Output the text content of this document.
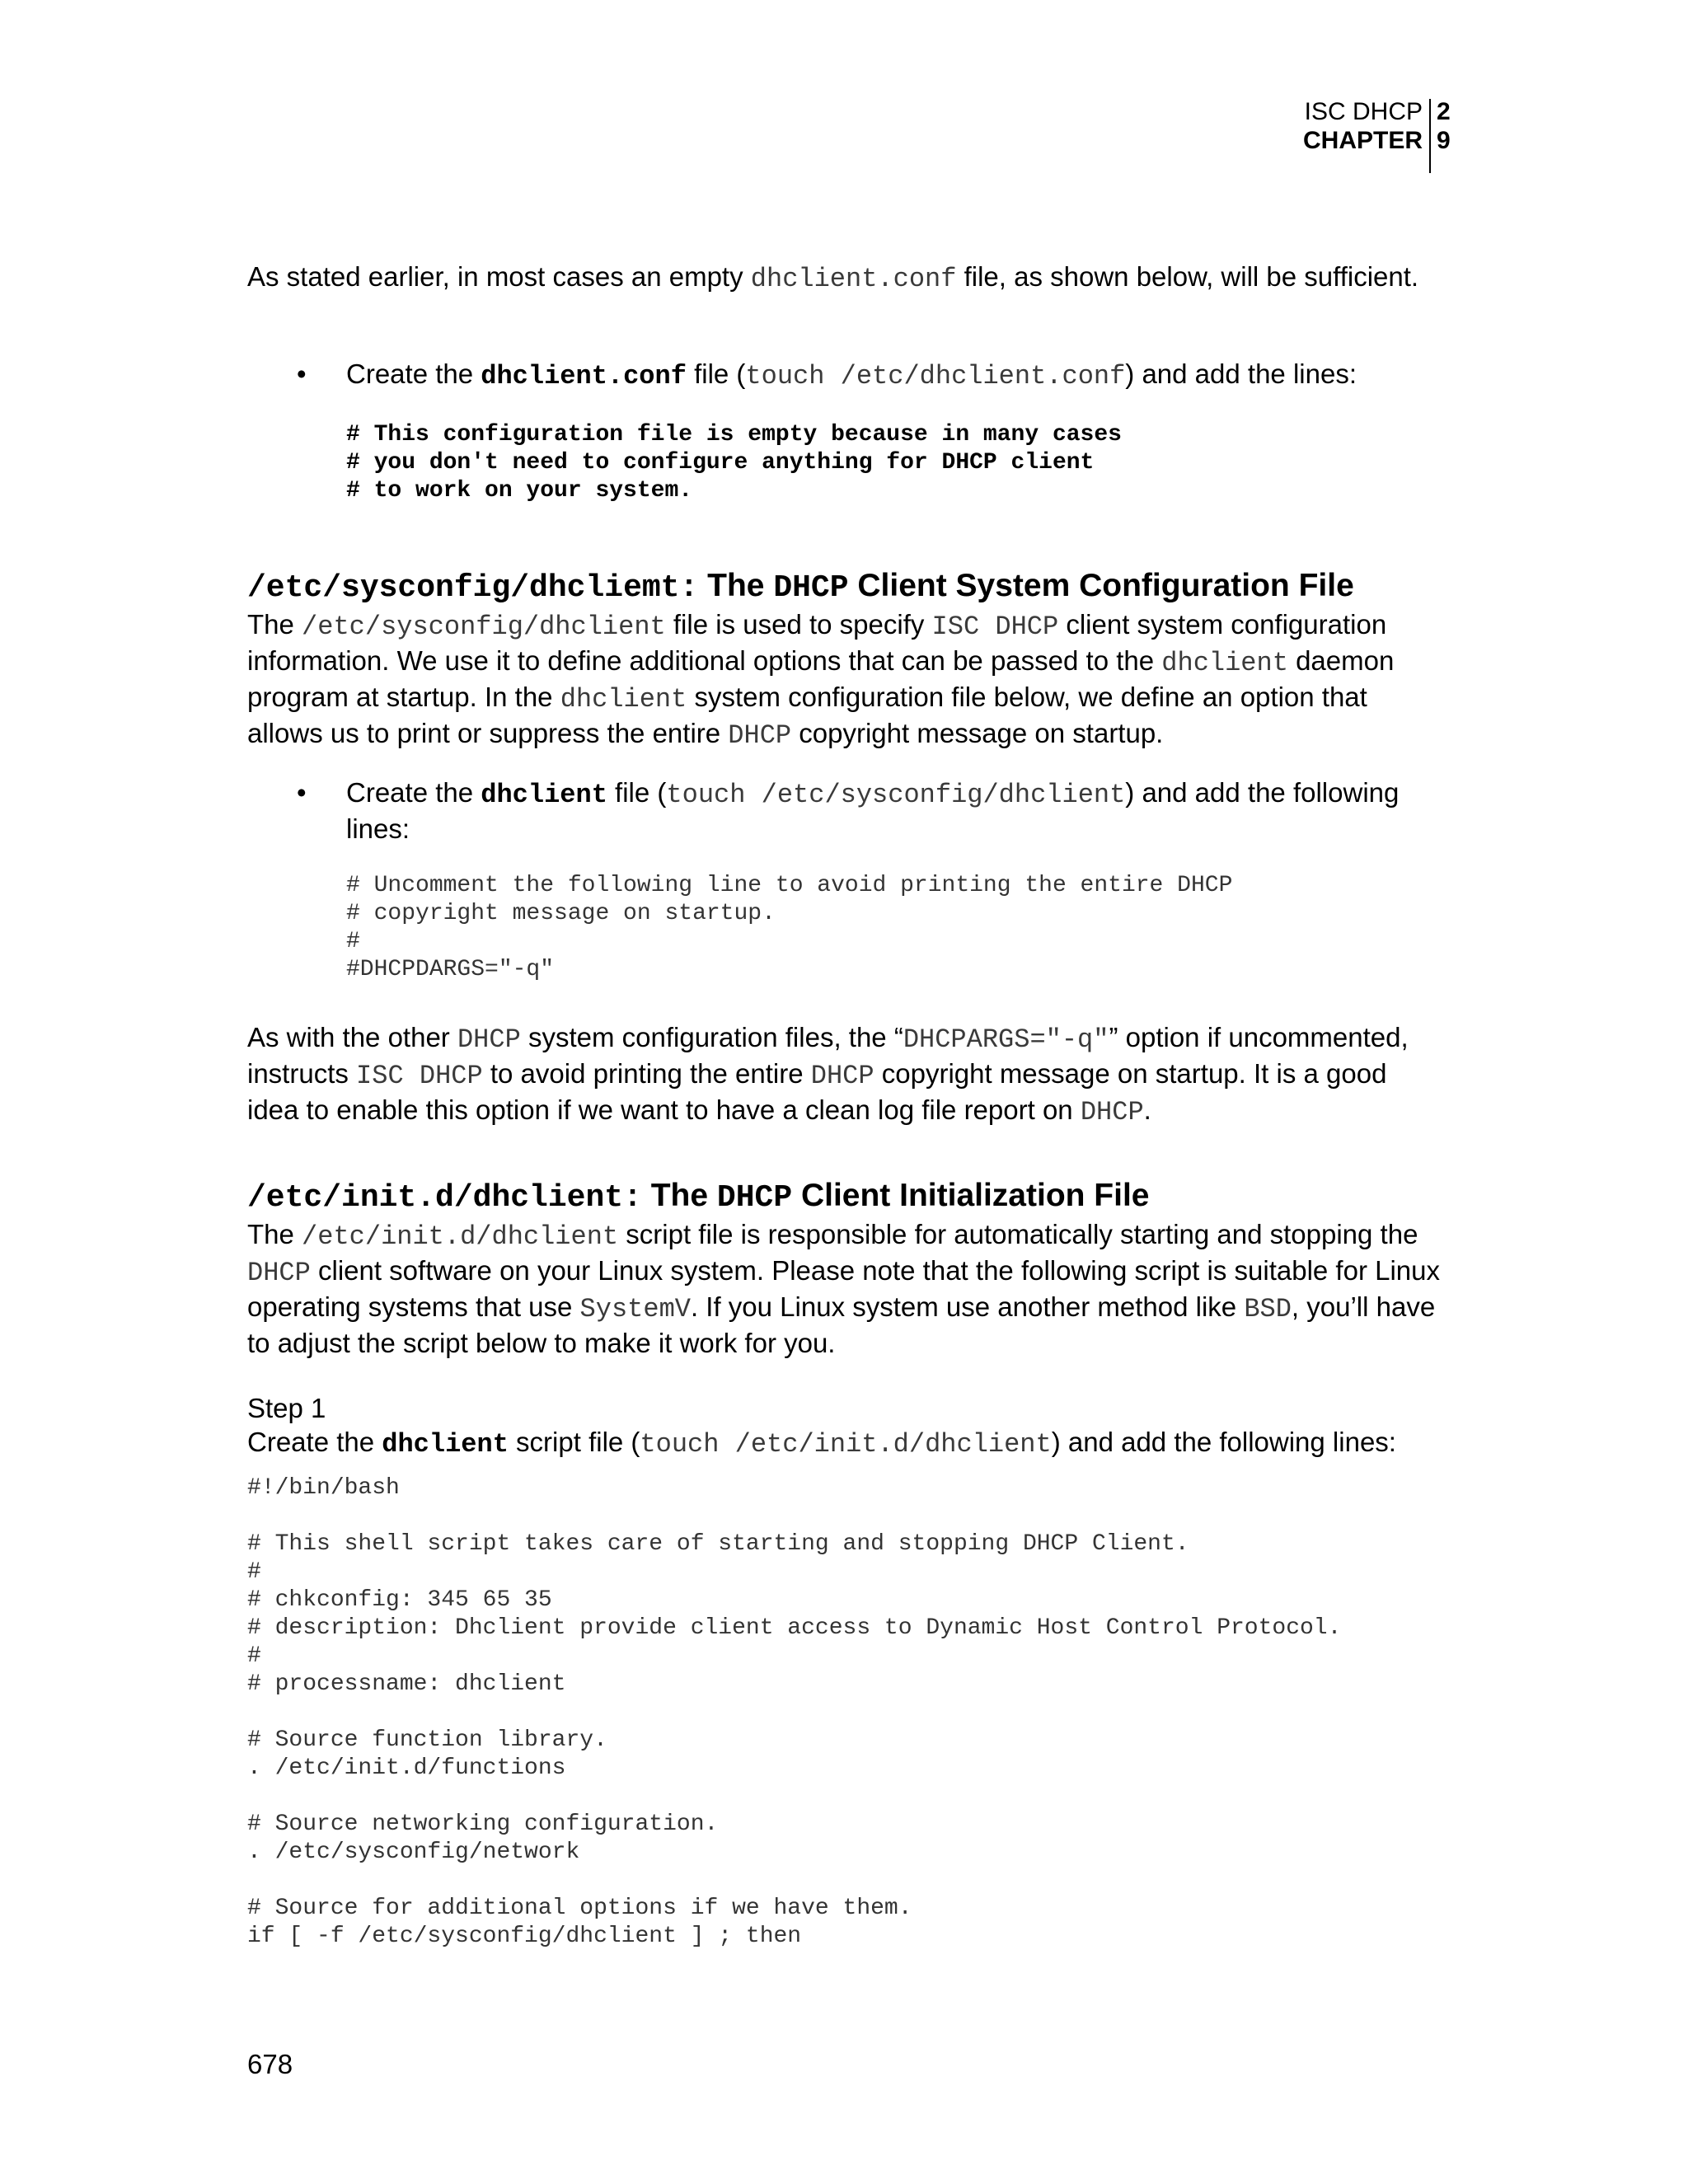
ISC DHCP
CHAPTER
2
9

As stated earlier, in most cases an empty dhclient.conf file, as shown below, will be sufficient.

• Create the dhclient.conf file (touch /etc/dhclient.conf) and add the lines:
# This configuration file is empty because in many cases
# you don't need to configure anything for DHCP client
# to work on your system.
/etc/sysconfig/dhcliemt: The DHCP Client System Configuration File

The /etc/sysconfig/dhclient file is used to specify ISC DHCP client system configuration information. We use it to define additional options that can be passed to the dhclient daemon program at startup. In the dhclient system configuration file below, we define an option that allows us to print or suppress the entire DHCP copyright message on startup.

• Create the dhclient file (touch /etc/sysconfig/dhclient) and add the following lines:
# Uncomment the following line to avoid printing the entire DHCP
# copyright message on startup.
#
#DHCPDARGS="-q"

As with the other DHCP system configuration files, the “DHCPARGS="-q"” option if uncommented, instructs ISC DHCP to avoid printing the entire DHCP copyright message on startup. It is a good idea to enable this option if we want to have a clean log file report on DHCP.

/etc/init.d/dhclient: The DHCP Client Initialization File

The /etc/init.d/dhclient script file is responsible for automatically starting and stopping the DHCP client software on your Linux system. Please note that the following script is suitable for Linux operating systems that use SystemV. If you Linux system use another method like BSD, you’ll have to adjust the script below to make it work for you.

Step 1

Create the dhclient script file (touch /etc/init.d/dhclient) and add the following lines:

#!/bin/bash

# This shell script takes care of starting and stopping DHCP Client.
#
# chkconfig: 345 65 35
# description: Dhclient provide client access to Dynamic Host Control Protocol.
#
# processname: dhclient

# Source function library.
. /etc/init.d/functions

# Source networking configuration.
. /etc/sysconfig/network

# Source for additional options if we have them.
if [ -f /etc/sysconfig/dhclient ] ; then
678
